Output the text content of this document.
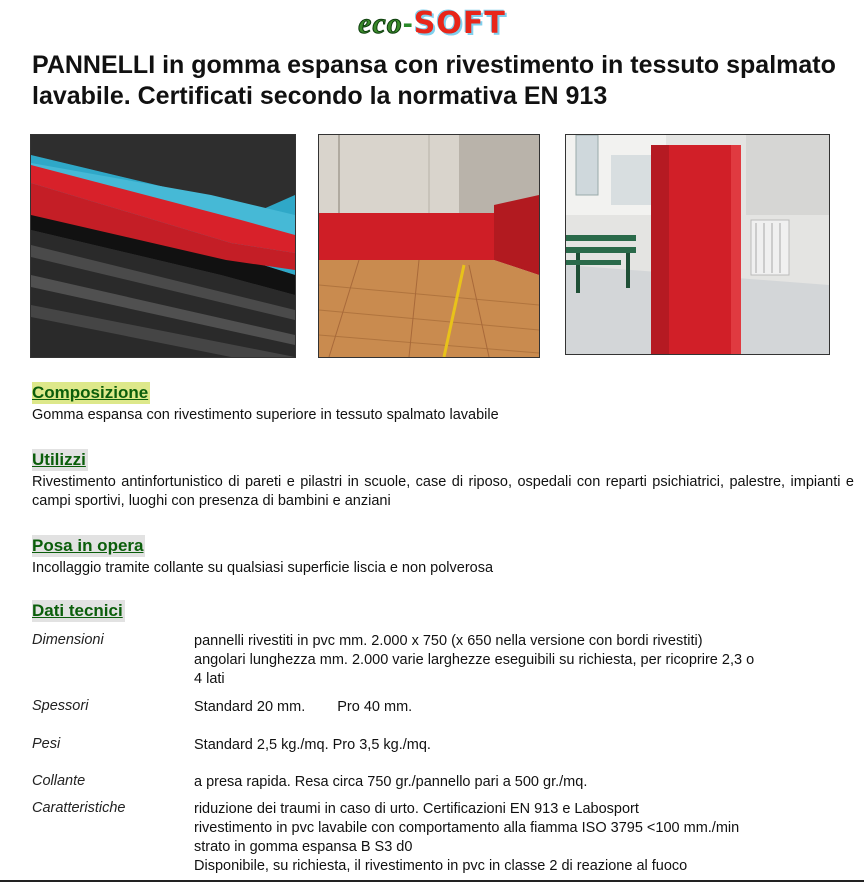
eco-SOFT
PANNELLI in gomma espansa con rivestimento in tessuto spalmato lavabile. Certificati secondo la normativa EN 913
Composizione

Gomma espansa con rivestimento superiore in tessuto spalmato lavabile

Utilizzi

Rivestimento antinfortunistico di pareti e pilastri in scuole, case di riposo, ospedali con reparti psichiatrici, palestre, impianti e campi sportivi, luoghi con presenza di bambini e anziani

Posa in opera

Incollaggio tramite collante su qualsiasi superficie liscia e non polverosa

Dati tecnici
Dimensioni	pannelli rivestiti in pvc mm. 2.000 x 750 (x 650 nella versione con bordi rivestiti)
angolari lunghezza mm. 2.000 varie larghezze eseguibili su richiesta, per ricoprire 2,3 o
4 lati
Spessori	Standard 20 mm. Pro 40 mm.
Pesi	Standard 2,5 kg./mq. Pro 3,5 kg./mq.
Collante	a presa rapida. Resa circa 750 gr./pannello pari a 500 gr./mq.
Caratteristiche	riduzione dei traumi in caso di urto. Certificazioni EN 913 e Labosport
rivestimento in pvc lavabile con comportamento alla fiamma ISO 3795 <100 mm./min
strato in gomma espansa B S3 d0
Disponibile, su richiesta, il rivestimento in pvc in classe 2 di reazione al fuoco
